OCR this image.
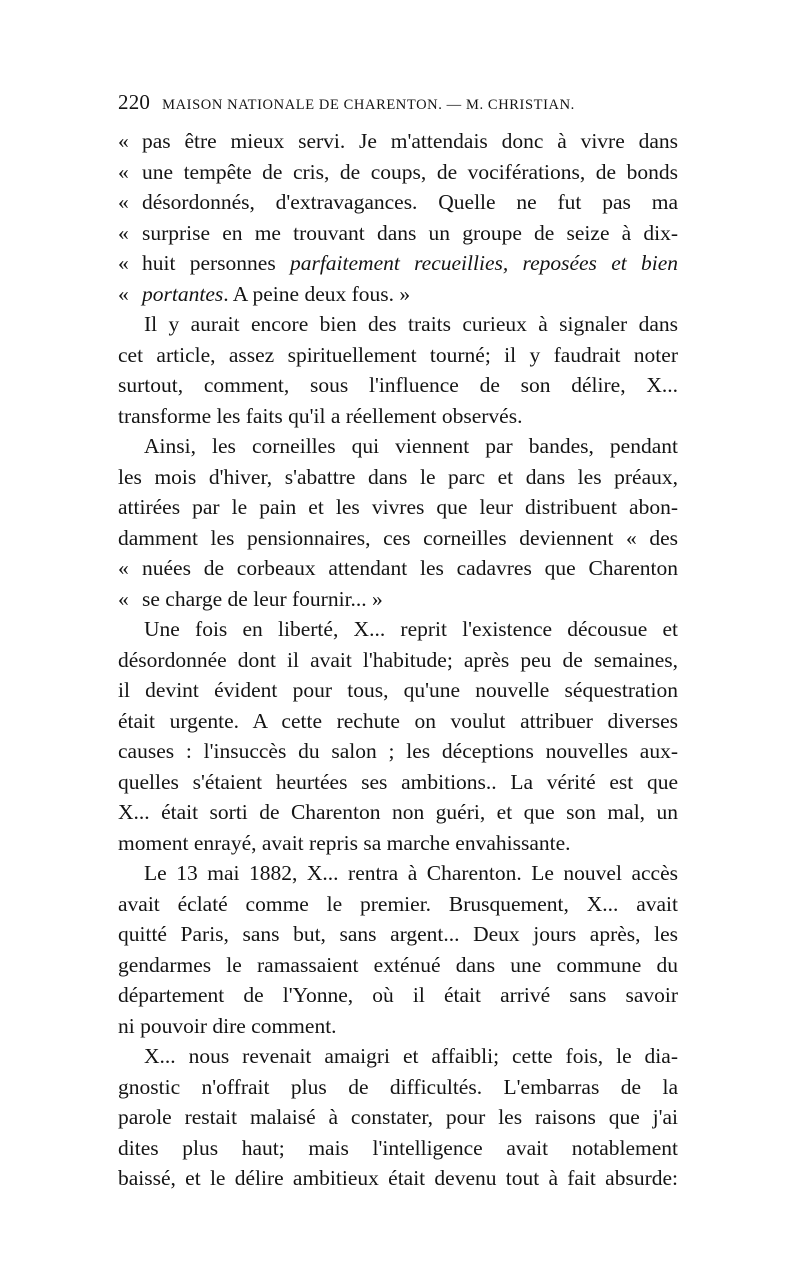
220 MAISON NATIONALE DE CHARENTON. — M. CHRISTIAN.
« pas être mieux servi. Je m'attendais donc à vivre dans
« une tempête de cris, de coups, de vociférations, de bonds
« désordonnés, d'extravagances. Quelle ne fut pas ma
« surprise en me trouvant dans un groupe de seize à dix-
« huit personnes parfaitement recueillies, reposées et bien
« portantes. A peine deux fous. »
Il y aurait encore bien des traits curieux à signaler dans
cet article, assez spirituellement tourné; il y faudrait noter
surtout, comment, sous l'influence de son délire, X...
transforme les faits qu'il a réellement observés.
Ainsi, les corneilles qui viennent par bandes, pendant
les mois d'hiver, s'abattre dans le parc et dans les préaux,
attirées par le pain et les vivres que leur distribuent abon-
damment les pensionnaires, ces corneilles deviennent « des
« nuées de corbeaux attendant les cadavres que Charenton
« se charge de leur fournir... »
Une fois en liberté, X... reprit l'existence décousue et
désordonnée dont il avait l'habitude; après peu de semaines,
il devint évident pour tous, qu'une nouvelle séquestration
était urgente. A cette rechute on voulut attribuer diverses
causes : l'insuccès du salon ; les déceptions nouvelles aux-
quelles s'étaient heurtées ses ambitions.. La vérité est que
X... était sorti de Charenton non guéri, et que son mal, un
moment enrayé, avait repris sa marche envahissante.
Le 13 mai 1882, X... rentra à Charenton. Le nouvel accès
avait éclaté comme le premier. Brusquement, X... avait
quitté Paris, sans but, sans argent... Deux jours après, les
gendarmes le ramassaient exténué dans une commune du
département de l'Yonne, où il était arrivé sans savoir
ni pouvoir dire comment.
X... nous revenait amaigri et affaibli; cette fois, le dia-
gnostic n'offrait plus de difficultés. L'embarras de la
parole restait malaisé à constater, pour les raisons que j'ai
dites plus haut; mais l'intelligence avait notablement
baissé, et le délire ambitieux était devenu tout à fait absurde:
